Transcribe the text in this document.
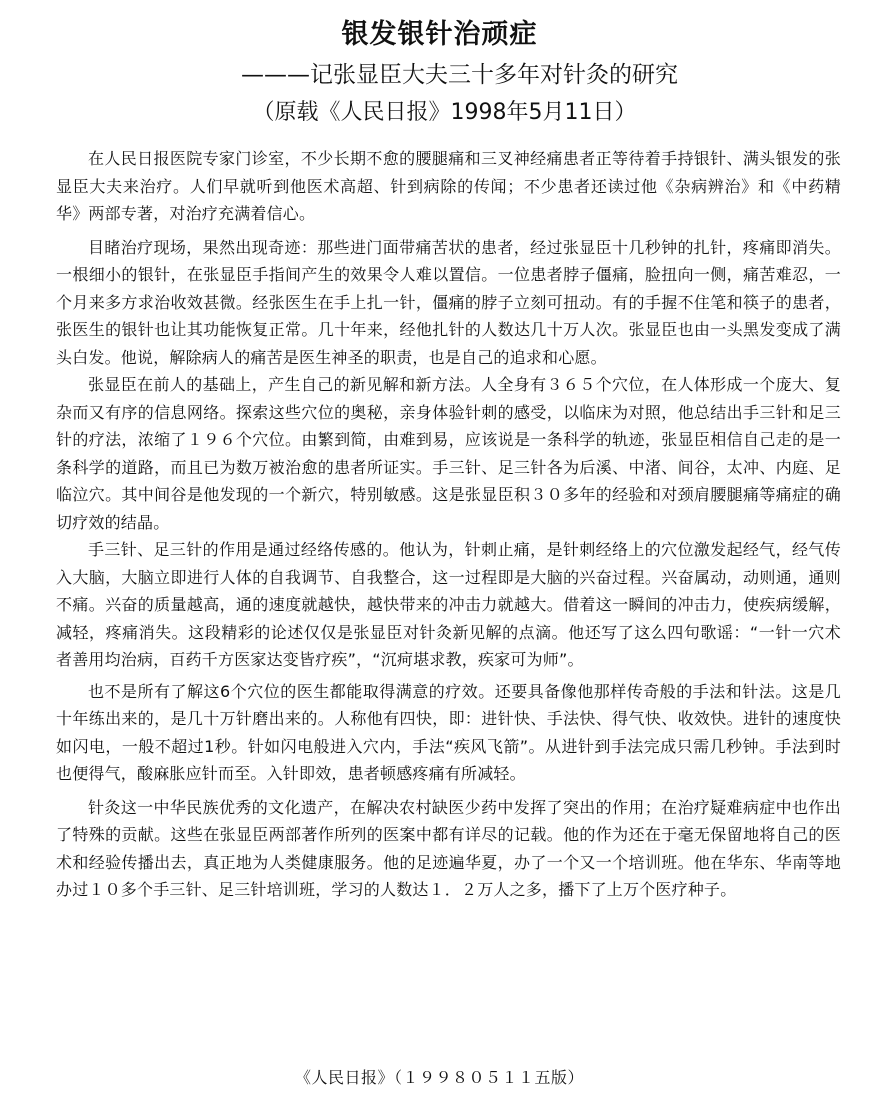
银发银针治顽症
———记张显臣大夫三十多年对针灸的研究
（原载《人民日报》1998年5月11日）

在人民日报医院专家门诊室，不少长期不愈的腰腿痛和三叉神经痛患者正等待着手持银针、满头银发的张显臣大夫来治疗。人们早就听到他医术高超、针到病除的传闻；不少患者还读过他《杂病辨治》和《中药精华》两部专著，对治疗充满着信心。

目睹治疗现场，果然出现奇迹：那些进门面带痛苦状的患者，经过张显臣十几秒钟的扎针，疼痛即消失。一根细小的银针，在张显臣手指间产生的效果令人难以置信。一位患者脖子僵痛，脸扭向一侧，痛苦难忍，一个月来多方求治收效甚微。经张医生在手上扎一针，僵痛的脖子立刻可扭动。有的手握不住笔和筷子的患者，张医生的银针也让其功能恢复正常。几十年来，经他扎针的人数达几十万人次。张显臣也由一头黑发变成了满头白发。他说，解除病人的痛苦是医生神圣的职责，也是自己的追求和心愿。

张显臣在前人的基础上，产生自己的新见解和新方法。人全身有３６５个穴位，在人体形成一个庞大、复杂而又有序的信息网络。探索这些穴位的奥秘，亲身体验针刺的感受，以临床为对照，他总结出手三针和足三针的疗法，浓缩了１９６个穴位。由繁到简，由难到易，应该说是一条科学的轨迹，张显臣相信自己走的是一条科学的道路，而且已为数万被治愈的患者所证实。手三针、足三针各为后溪、中渚、间谷，太冲、内庭、足临泣穴。其中间谷是他发现的一个新穴，特别敏感。这是张显臣积３０多年的经验和对颈肩腰腿痛等痛症的确切疗效的结晶。

手三针、足三针的作用是通过经络传感的。他认为，针刺止痛，是针刺经络上的穴位激发起经气，经气传入大脑，大脑立即进行人体的自我调节、自我整合，这一过程即是大脑的兴奋过程。兴奋属动，动则通，通则不痛。兴奋的质量越高，通的速度就越快，越快带来的冲击力就越大。借着这一瞬间的冲击力，使疾病缓解，减轻，疼痛消失。这段精彩的论述仅仅是张显臣对针灸新见解的点滴。他还写了这么四句歌谣：“一针一穴术者善用均治病，百药千方医家达变皆疗疾”，“沉疴堪求教，疾家可为师”。

也不是所有了解这6个穴位的医生都能取得满意的疗效。还要具备像他那样传奇般的手法和针法。这是几十年练出来的，是几十万针磨出来的。人称他有四快，即：进针快、手法快、得气快、收效快。进针的速度快如闪电，一般不超过1秒。针如闪电般进入穴内，手法“疾风飞箭”。从进针到手法完成只需几秒钟。手法到时也便得气，酸麻胀应针而至。入针即效，患者顿感疼痛有所减轻。

针灸这一中华民族优秀的文化遗产，在解决农村缺医少药中发挥了突出的作用；在治疗疑难病症中也作出了特殊的贡献。这些在张显臣两部著作所列的医案中都有详尽的记载。他的作为还在于毫无保留地将自己的医术和经验传播出去，真正地为人类健康服务。他的足迹遍华夏，办了一个又一个培训班。他在华东、华南等地办过１０多个手三针、足三针培训班，学习的人数达１．２万人之多，播下了上万个医疗种子。

《人民日报》（１９９８０５１１五版）
